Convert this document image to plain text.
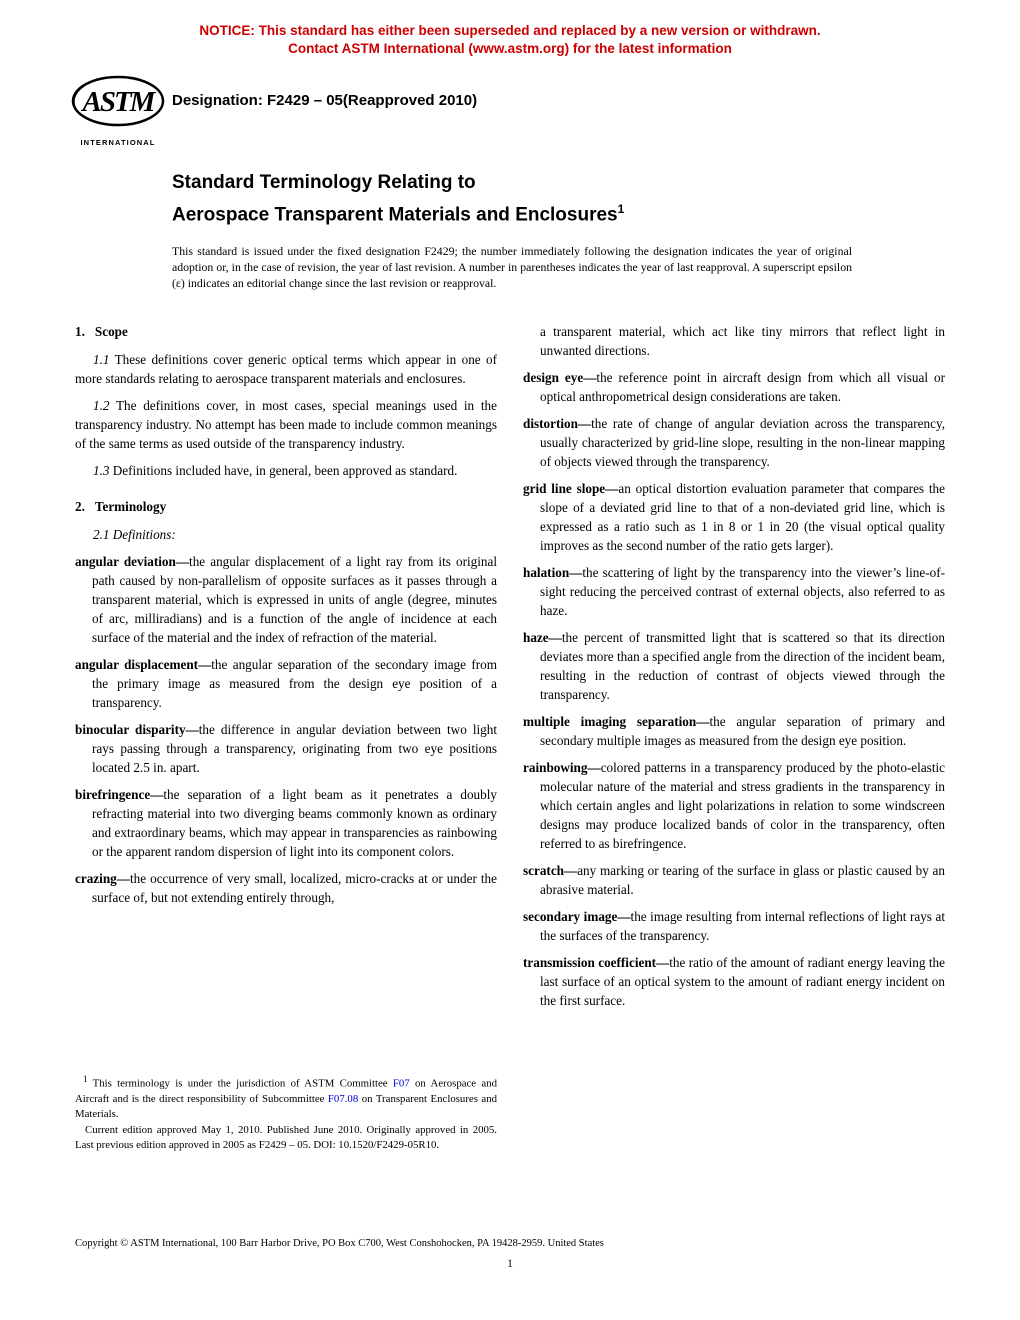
NOTICE: This standard has either been superseded and replaced by a new version or withdrawn.
Contact ASTM International (www.astm.org) for the latest information
ASTM
INTERNATIONAL
Designation: F2429 – 05(Reapproved 2010)
Standard Terminology Relating to
Aerospace Transparent Materials and Enclosures$^1$
This standard is issued under the fixed designation F2429; the number immediately following the designation indicates the year of original adoption or, in the case of revision, the year of last revision. A number in parentheses indicates the year of last reapproval. A superscript epsilon (ε) indicates an editorial change since the last revision or reapproval.

1. Scope

1.1 These definitions cover generic optical terms which appear in one of more standards relating to aerospace transparent materials and enclosures.

1.2 The definitions cover, in most cases, special meanings used in the transparency industry. No attempt has been made to include common meanings of the same terms as used outside of the transparency industry.

1.3 Definitions included have, in general, been approved as standard.

2. Terminology

2.1 Definitions:

angular deviation—the angular displacement of a light ray from its original path caused by non-parallelism of opposite surfaces as it passes through a transparent material, which is expressed in units of angle (degree, minutes of arc, milliradians) and is a function of the angle of incidence at each surface of the material and the index of refraction of the material.

angular displacement—the angular separation of the secondary image from the primary image as measured from the design eye position of a transparency.

binocular disparity—the difference in angular deviation between two light rays passing through a transparency, originating from two eye positions located 2.5 in. apart.

birefringence—the separation of a light beam as it penetrates a doubly refracting material into two diverging beams commonly known as ordinary and extraordinary beams, which may appear in transparencies as rainbowing or the apparent random dispersion of light into its component colors.

crazing—the occurrence of very small, localized, micro-cracks at or under the surface of, but not extending entirely through,

a transparent material, which act like tiny mirrors that reflect light in unwanted directions.

design eye—the reference point in aircraft design from which all visual or optical anthropometrical design considerations are taken.

distortion—the rate of change of angular deviation across the transparency, usually characterized by grid-line slope, resulting in the non-linear mapping of objects viewed through the transparency.

grid line slope—an optical distortion evaluation parameter that compares the slope of a deviated grid line to that of a non-deviated grid line, which is expressed as a ratio such as 1 in 8 or 1 in 20 (the visual optical quality improves as the second number of the ratio gets larger).

halation—the scattering of light by the transparency into the viewer’s line-of-sight reducing the perceived contrast of external objects, also referred to as haze.

haze—the percent of transmitted light that is scattered so that its direction deviates more than a specified angle from the direction of the incident beam, resulting in the reduction of contrast of objects viewed through the transparency.

multiple imaging separation—the angular separation of primary and secondary multiple images as measured from the design eye position.

rainbowing—colored patterns in a transparency produced by the photo-elastic molecular nature of the material and stress gradients in the transparency in which certain angles and light polarizations in relation to some windscreen designs may produce localized bands of color in the transparency, often referred to as birefringence.

scratch—any marking or tearing of the surface in glass or plastic caused by an abrasive material.

secondary image—the image resulting from internal reflections of light rays at the surfaces of the transparency.

transmission coefficient—the ratio of the amount of radiant energy leaving the last surface of an optical system to the amount of radiant energy incident on the first surface.

$^1$ This terminology is under the jurisdiction of ASTM Committee F07 on Aerospace and Aircraft and is the direct responsibility of Subcommittee F07.08 on Transparent Enclosures and Materials.

Current edition approved May 1, 2010. Published June 2010. Originally approved in 2005. Last previous edition approved in 2005 as F2429 – 05. DOI: 10.1520/F2429-05R10.

Copyright © ASTM International, 100 Barr Harbor Drive, PO Box C700, West Conshohocken, PA 19428-2959. United States
1
